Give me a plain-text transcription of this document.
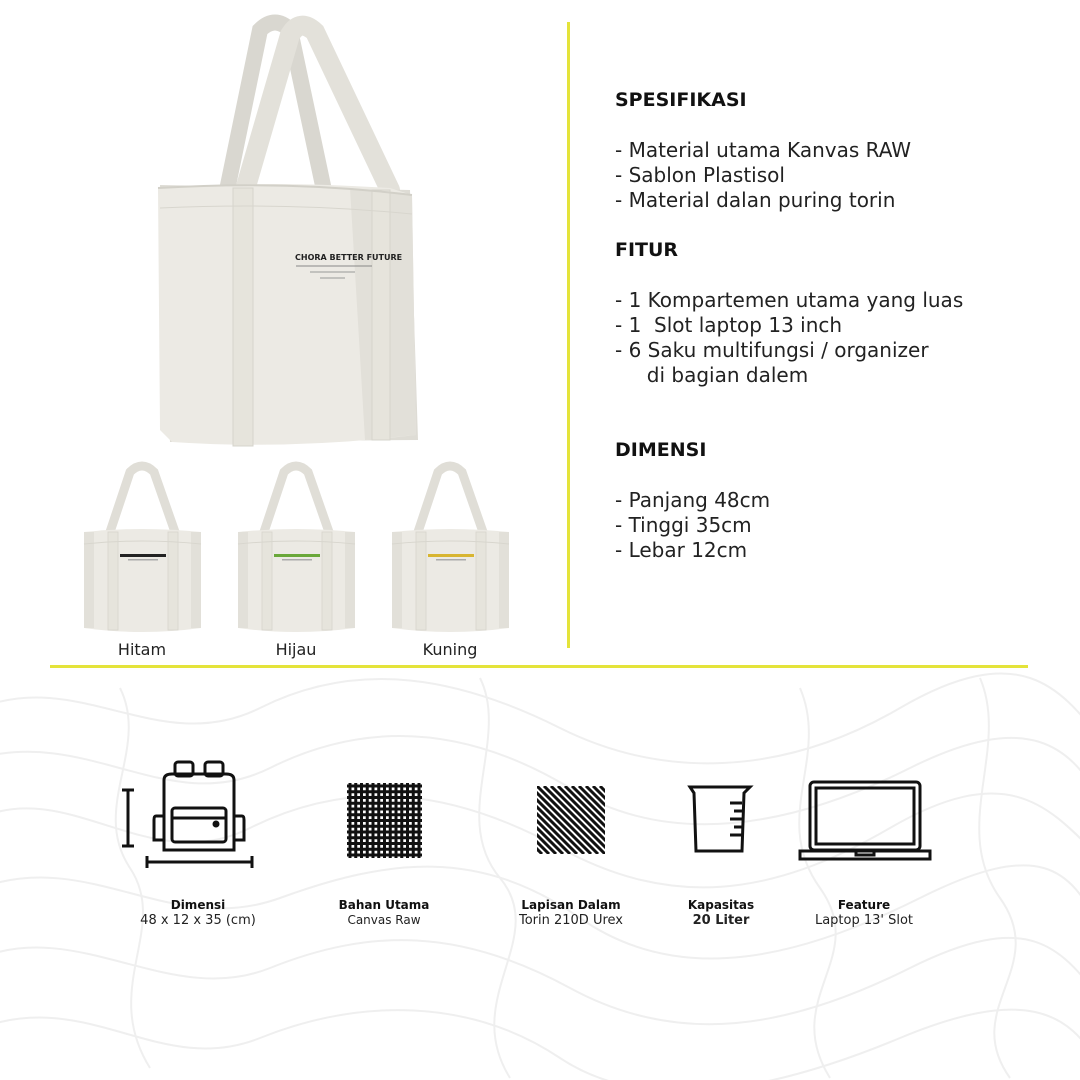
CHORA BETTER FUTURE
Hitam	Hijau	Kuning
SPESIFIKASI
- Material utama Kanvas RAW
- Sablon Plastisol
- Material dalan puring torin
FITUR
- 1 Kompartemen utama yang luas
- 1  Slot laptop 13 inch
- 6 Saku multifungsi / organizer
di bagian dalem
DIMENSI
- Panjang 48cm
- Tinggi 35cm
- Lebar 12cm
Dimensi
48 x 12 x 35 (cm)
Bahan Utama
Canvas Raw
Lapisan Dalam
Torin 210D Urex
Kapasitas
20 Liter
Feature
Laptop 13' Slot
